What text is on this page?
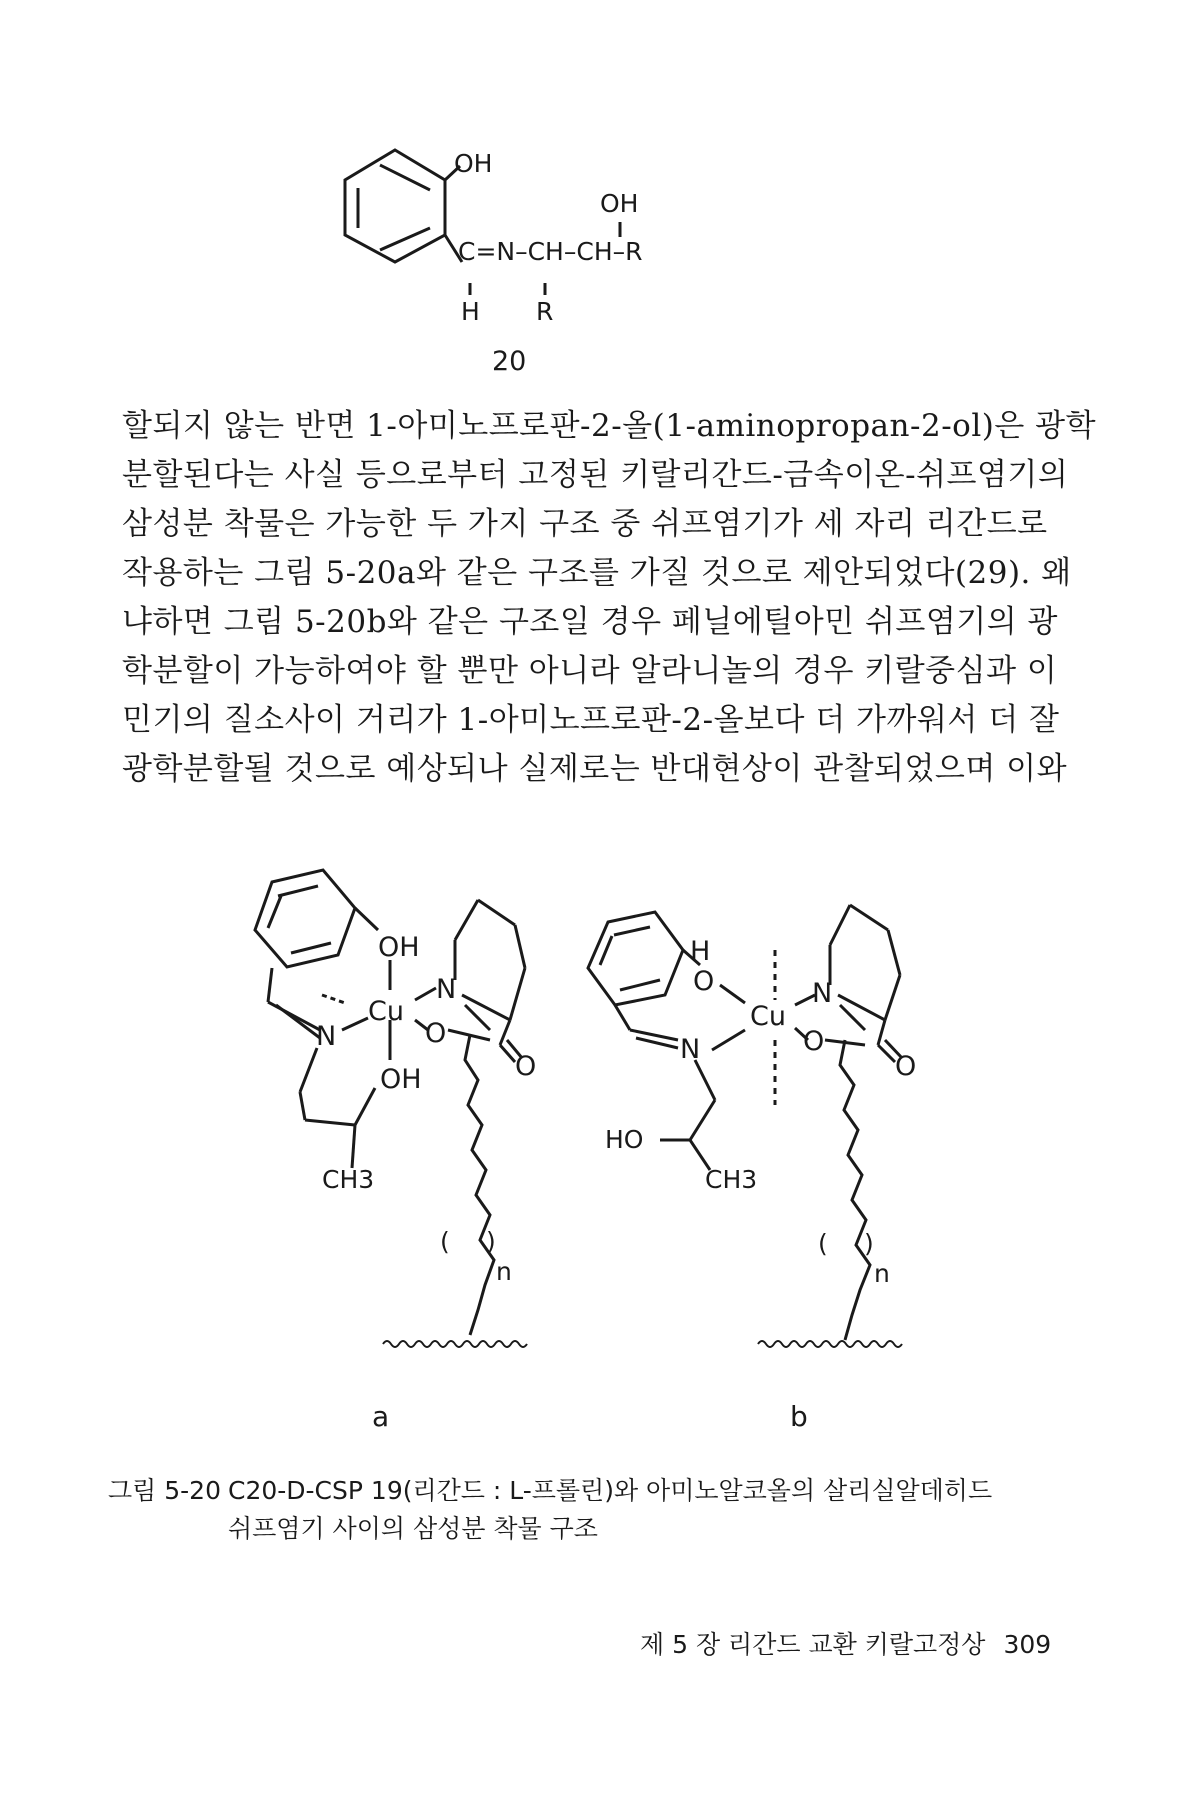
OH
OH
C=N–CH–CH–R
H R
20
할되지 않는 반면 1-아미노프로판-2-올(1-aminopropan-2-ol)은 광학
분할된다는 사실 등으로부터 고정된 키랄리간드-금속이온-쉬프염기의
삼성분 착물은 가능한 두 가지 구조 중 쉬프염기가 세 자리 리간드로
작용하는 그림 5-20a와 같은 구조를 가질 것으로 제안되었다(29). 왜
냐하면 그림 5-20b와 같은 구조일 경우 페닐에틸아민 쉬프염기의 광
학분할이 가능하여야 할 뿐만 아니라 알라니놀의 경우 키랄중심과 이
민기의 질소사이 거리가 1-아미노프로판-2-올보다 더 가까워서 더 잘
광학분할될 것으로 예상되나 실제로는 반대현상이 관찰되었으며 이와
OH
Cu
N
N
O
O
OH
CH3
( )
n
H
O
Cu
N
N
O
O
HO
CH3
( )
n
a	b
그림 5-20 C20-D-CSP 19(리간드 : L-프롤린)와 아미노알코올의 살리실알데히드
쉬프염기 사이의 삼성분 착물 구조
제 5 장 리간드 교환 키랄고정상 309
